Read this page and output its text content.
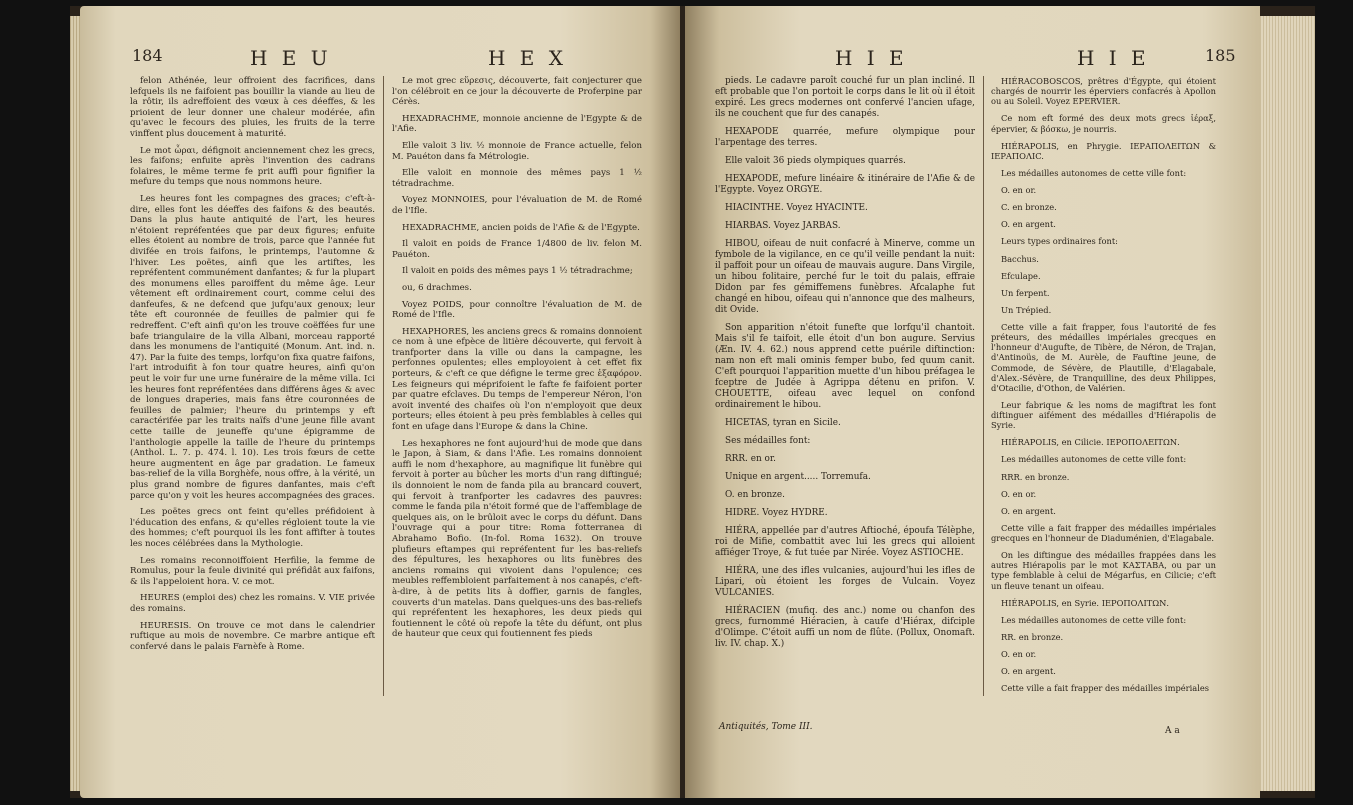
184	H E U	H E X

felon Athénée, leur offroient des facrifices, dans lefquels ils ne faifoient pas bouillir la viande au lieu de la rôtir, ils adreffoient des vœux à ces déeffes, & les prioient de leur donner une chaleur modérée, afin qu'avec le fecours des pluies, les fruits de la terre vinffent plus doucement à maturité.

Le mot ὧραι, défignoit anciennement chez les grecs, les faifons; enfuite après l'invention des cadrans folaires, le même terme fe prit auffi pour fignifier la mefure du temps que nous nommons heure.

Les heures font les compagnes des graces; c'eft-à-dire, elles font les déeffes des faifons & des beautés. Dans la plus haute antiquité de l'art, les heures n'étoient repréfentées que par deux figures; enfuite elles étoient au nombre de trois, parce que l'année fut divifée en trois faifons, le printemps, l'automne & l'hiver. Les poëtes, ainfi que les artiftes, les repréfentent communément danfantes; & fur la plupart des monumens elles paroiffent du même âge. Leur vêtement eft ordinairement court, comme celui des danfeufes, & ne defcend que jufqu'aux genoux; leur tête eft couronnée de feuilles de palmier qui fe redreffent. C'eft ainfi qu'on les trouve coëffées fur une bafe triangulaire de la villa Albani, morceau rapporté dans les monumens de l'antiquité (Monum. Ant. ind. n. 47). Par la fuite des temps, lorfqu'on fixa quatre faifons, l'art introduifit à fon tour quatre heures, ainfi qu'on peut le voir fur une urne funéraire de la même villa. Ici les heures font repréfentées dans différens âges & avec de longues draperies, mais fans être couronnées de feuilles de palmier; l'heure du printemps y eft caractérifée par les traits naïfs d'une jeune fille avant cette taille de jeuneffe qu'une épigramme de l'anthologie appelle la taille de l'heure du printemps (Anthol. L. 7. p. 474. l. 10). Les trois fœurs de cette heure augmentent en âge par gradation. Le fameux bas-relief de la villa Borghèfe, nous offre, à la vérité, un plus grand nombre de figures danfantes, mais c'eft parce qu'on y voit les heures accompagnées des graces.

Les poëtes grecs ont feint qu'elles préfidoient à l'éducation des enfans, & qu'elles régloient toute la vie des hommes; c'eft pourquoi ils les font affifter à toutes les noces célébrées dans la Mythologie.

Les romains reconnoiffoient Herfilie, la femme de Romulus, pour la feule divinité qui préfidât aux faifons, & ils l'appeloient hora. V. ce mot.

HEURES (emploi des) chez les romains. V. VIE privée des romains.

HEURESIS. On trouve ce mot dans le calendrier ruftique au mois de novembre. Ce marbre antique eft confervé dans le palais Farnèfe à Rome.

Le mot grec εὕρεσις, découverte, fait conjecturer que l'on célébroit en ce jour la découverte de Proferpine par Cérès.

HEXADRACHME, monnoie ancienne de l'Egypte & de l'Afie.

Elle valoit 3 liv. ½ monnoie de France actuelle, felon M. Pauéton dans fa Métrologie.

Elle valoit en monnoie des mêmes pays 1 ½ tétradrachme.

Voyez MONNOIES, pour l'évaluation de M. de Romé de l'Ifle.

HEXADRACHME, ancien poids de l'Afie & de l'Egypte.

Il valoit en poids de France 1/4800 de liv. felon M. Pauéton.

Il valoit en poids des mêmes pays 1 ½ tétradrachme;

ou, 6 drachmes.

Voyez POIDS, pour connoître l'évaluation de M. de Romé de l'Ifle.

HEXAPHORES, les anciens grecs & romains donnoient ce nom à une efpèce de litière découverte, qui fervoit à tranfporter dans la ville ou dans la campagne, les perfonnes opulentes; elles employoient à cet effet fix porteurs, & c'eft ce que défigne le terme grec ἑξαφόρον. Les feigneurs qui méprifoient le fafte fe faifoient porter par quatre efclaves. Du temps de l'empereur Néron, l'on avoit inventé des chaifes où l'on n'employoit que deux porteurs; elles étoient à peu près femblables à celles qui font en ufage dans l'Europe & dans la Chine.

Les hexaphores ne font aujourd'hui de mode que dans le Japon, à Siam, & dans l'Afie. Les romains donnoient auffi le nom d'hexaphore, au magnifique lit funèbre qui fervoit à porter au bûcher les morts d'un rang diftingué; ils donnoient le nom de fanda pila au brancard couvert, qui fervoit à tranfporter les cadavres des pauvres: comme le fanda pila n'étoit formé que de l'affemblage de quelques ais, on le brûloit avec le corps du défunt. Dans l'ouvrage qui a pour titre: Roma fotterranea di Abrahamo Bofio. (In-fol. Roma 1632). On trouve plufieurs eftampes qui repréfentent fur les bas-reliefs des fépultures, les hexaphores ou lits funèbres des anciens romains qui vivoient dans l'opulence; ces meubles reffembloient parfaitement à nos canapés, c'eft-à-dire, à de petits lits à doffier, garnis de fangles, couverts d'un matelas. Dans quelques-uns des bas-reliefs qui repréfentent les hexaphores, les deux pieds qui foutiennent le côté où repofe la tête du défunt, ont plus de hauteur que ceux qui foutiennent fes pieds

H I E	H I E	185

pieds. Le cadavre paroît couché fur un plan incliné. Il eft probable que l'on portoit le corps dans le lit où il étoit expiré. Les grecs modernes ont confervé l'ancien ufage, ils ne couchent que fur des canapés.

HEXAPODE quarrée, mefure olympique pour l'arpentage des terres.

Elle valoit 36 pieds olympiques quarrés.

HEXAPODE, mefure linéaire & itinéraire de l'Afie & de l'Egypte. Voyez ORGYE.

HIACINTHE. Voyez HYACINTE.

HIARBAS. Voyez JARBAS.

HIBOU, oifeau de nuit confacré à Minerve, comme un fymbole de la vigilance, en ce qu'il veille pendant la nuit: il paffoit pour un oifeau de mauvais augure. Dans Virgile, un hibou folitaire, perché fur le toit du palais, effraie Didon par fes gémiffemens funèbres. Afcalaphe fut changé en hibou, oifeau qui n'annonce que des malheurs, dit Ovide.

Son apparition n'étoit funefte que lorfqu'il chantoit. Mais s'il fe taifoit, elle étoit d'un bon augure. Servius (Æn. IV. 4. 62.) nous apprend cette puérile diftinction: nam non eft mali ominis femper bubo, fed quum canit. C'eft pourquoi l'apparition muette d'un hibou préfagea le fceptre de Judée à Agrippa détenu en prifon. V. CHOUETTE, oifeau avec lequel on confond ordinairement le hibou.

HICETAS, tyran en Sicile.

Ses médailles font:

RRR. en or.

Unique en argent..... Torremufa.

O. en bronze.

HIDRE. Voyez HYDRE.

HIÉRA, appellée par d'autres Aftioché, époufa Télèphe, roi de Mifie, combattit avec lui les grecs qui alloient affiéger Troye, & fut tuée par Nirée. Voyez ASTIOCHE.

HIÉRA, une des ifles vulcanies, aujourd'hui les ifles de Lipari, où étoient les forges de Vulcain. Voyez VULCANIES.

HIÉRACIEN (mufiq. des anc.) nome ou chanfon des grecs, furnommé Hiéracien, à caufe d'Hiérax, difciple d'Olimpe. C'étoit auffi un nom de flûte. (Pollux, Onomaft. liv. IV. chap. X.)

HIÉRACOBOSCOS, prêtres d'Égypte, qui étoient chargés de nourrir les éperviers confacrés à Apollon ou au Soleil. Voyez EPERVIER.

Ce nom eft formé des deux mots grecs ἱέραξ, épervier, & βόσκω, je nourris.

HIÉRAPOLIS, en Phrygie. ΙΕΡΑΠΟΛΕΙΤΩΝ & ΙΕΡΑΠΟΛΙC.

Les médailles autonomes de cette ville font:

O. en or.

C. en bronze.

O. en argent.

Leurs types ordinaires font:

Bacchus.

Efculape.

Un ferpent.

Un Trépied.

Cette ville a fait frapper, fous l'autorité de fes préteurs, des médailles impériales grecques en l'honneur d'Augufte, de Tibère, de Néron, de Trajan, d'Antinoüs, de M. Aurèle, de Fauftine jeune, de Commode, de Sévère, de Plautille, d'Elagabale, d'Alex.-Sévère, de Tranquilline, des deux Philippes, d'Otacilie, d'Othon, de Valérien.

Leur fabrique & les noms de magiftrat les font diftinguer aifément des médailles d'Hiérapolis de Syrie.

HIÉRAPOLIS, en Cilicie. ΙΕΡΟΠΟΛΕΙΤΩΝ.

Les médailles autonomes de cette ville font:

RRR. en bronze.

O. en or.

O. en argent.

Cette ville a fait frapper des médailles impériales grecques en l'honneur de Diaduménien, d'Elagabale.

On les diftingue des médailles frappées dans les autres Hiérapolis par le mot ΚΑΣΤΑΒΑ, ou par un type femblable à celui de Mégarfus, en Cilicie; c'eft un fleuve tenant un oifeau.

HIÉRAPOLIS, en Syrie. ΙΕΡΟΠΟΛΙΤΩΝ.

Les médailles autonomes de cette ville font:

RR. en bronze.

O. en or.

O. en argent.

Cette ville a fait frapper des médailles impériales

Antiquités, Tome III.	A a
